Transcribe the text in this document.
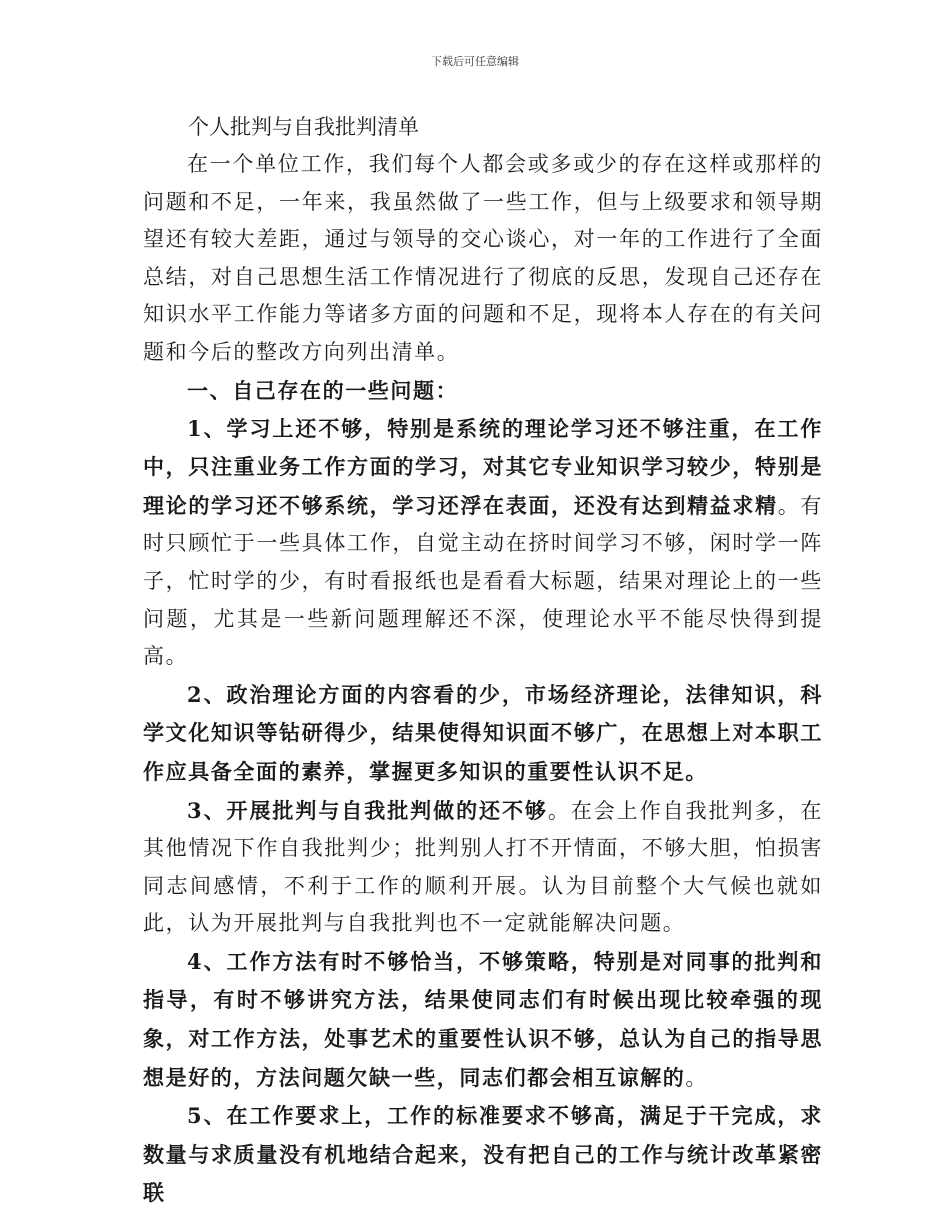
下载后可任意编辑

个人批判与自我批判清单

在一个单位工作，我们每个人都会或多或少的存在这样或那样的问题和不足，一年来，我虽然做了一些工作，但与上级要求和领导期望还有较大差距，通过与领导的交心谈心，对一年的工作进行了全面总结，对自己思想生活工作情况进行了彻底的反思，发现自己还存在知识水平工作能力等诸多方面的问题和不足，现将本人存在的有关问题和今后的整改方向列出清单。

一、自己存在的一些问题：

1、学习上还不够，特别是系统的理论学习还不够注重，在工作中，只注重业务工作方面的学习，对其它专业知识学习较少，特别是理论的学习还不够系统，学习还浮在表面，还没有达到精益求精。有时只顾忙于一些具体工作，自觉主动在挤时间学习不够，闲时学一阵子，忙时学的少，有时看报纸也是看看大标题，结果对理论上的一些问题，尤其是一些新问题理解还不深，使理论水平不能尽快得到提高。

2、政治理论方面的内容看的少，市场经济理论，法律知识，科学文化知识等钻研得少，结果使得知识面不够广，在思想上对本职工作应具备全面的素养，掌握更多知识的重要性认识不足。

3、开展批判与自我批判做的还不够。在会上作自我批判多，在其他情况下作自我批判少；批判别人打不开情面，不够大胆，怕损害同志间感情，不利于工作的顺利开展。认为目前整个大气候也就如此，认为开展批判与自我批判也不一定就能解决问题。

4、工作方法有时不够恰当，不够策略，特别是对同事的批判和指导，有时不够讲究方法，结果使同志们有时候出现比较牵强的现象，对工作方法，处事艺术的重要性认识不够，总认为自己的指导思想是好的，方法问题欠缺一些，同志们都会相互谅解的。

5、在工作要求上，工作的标准要求不够高，满足于干完成，求数量与求质量没有机地结合起来，没有把自己的工作与统计改革紧密联
